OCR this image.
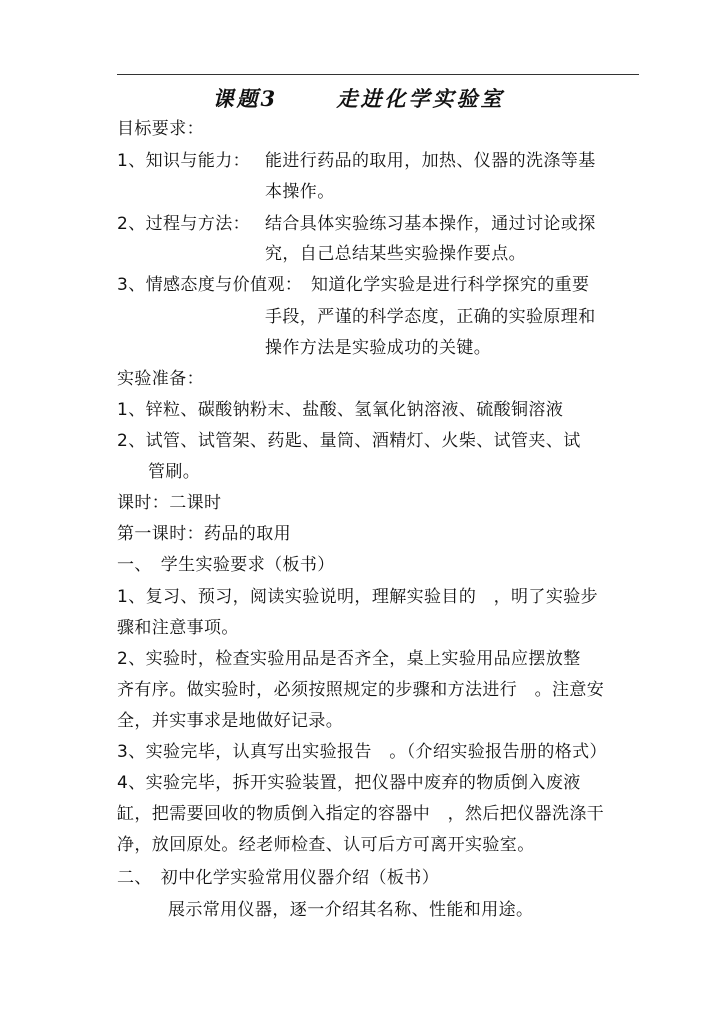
课题3　　 走进化学实验室
目标要求：
1、知识与能力： 能进行药品的取用，加热、仪器的洗涤等基
本操作。
2、过程与方法： 结合具体实验练习基本操作，通过讨论或探
究，自己总结某些实验操作要点。
3、情感态度与价值观： 知道化学实验是进行科学探究的重要
手段，严谨的科学态度，正确的实验原理和
操作方法是实验成功的关键。
实验准备：
1、锌粒、碳酸钠粉末、盐酸、氢氧化钠溶液、硫酸铜溶液
2、试管、试管架、药匙、量筒、酒精灯、火柴、试管夹、试
管刷。
课时：二课时
第一课时：药品的取用
一、　学生实验要求（板书）
1、复习、预习，阅读实验说明，理解实验目的　，明了实验步
骤和注意事项。
2、实验时，检查实验用品是否齐全，桌上实验用品应摆放整
齐有序。做实验时，必须按照规定的步骤和方法进行　。注意安
全，并实事求是地做好记录。
3、实验完毕，认真写出实验报告　。（介绍实验报告册的格式）
4、实验完毕，拆开实验装置，把仪器中废弃的物质倒入废液
缸，把需要回收的物质倒入指定的容器中　，然后把仪器洗涤干
净，放回原处。经老师检查、认可后方可离开实验室。
二、　初中化学实验常用仪器介绍（板书）
展示常用仪器，逐一介绍其名称、性能和用途。
